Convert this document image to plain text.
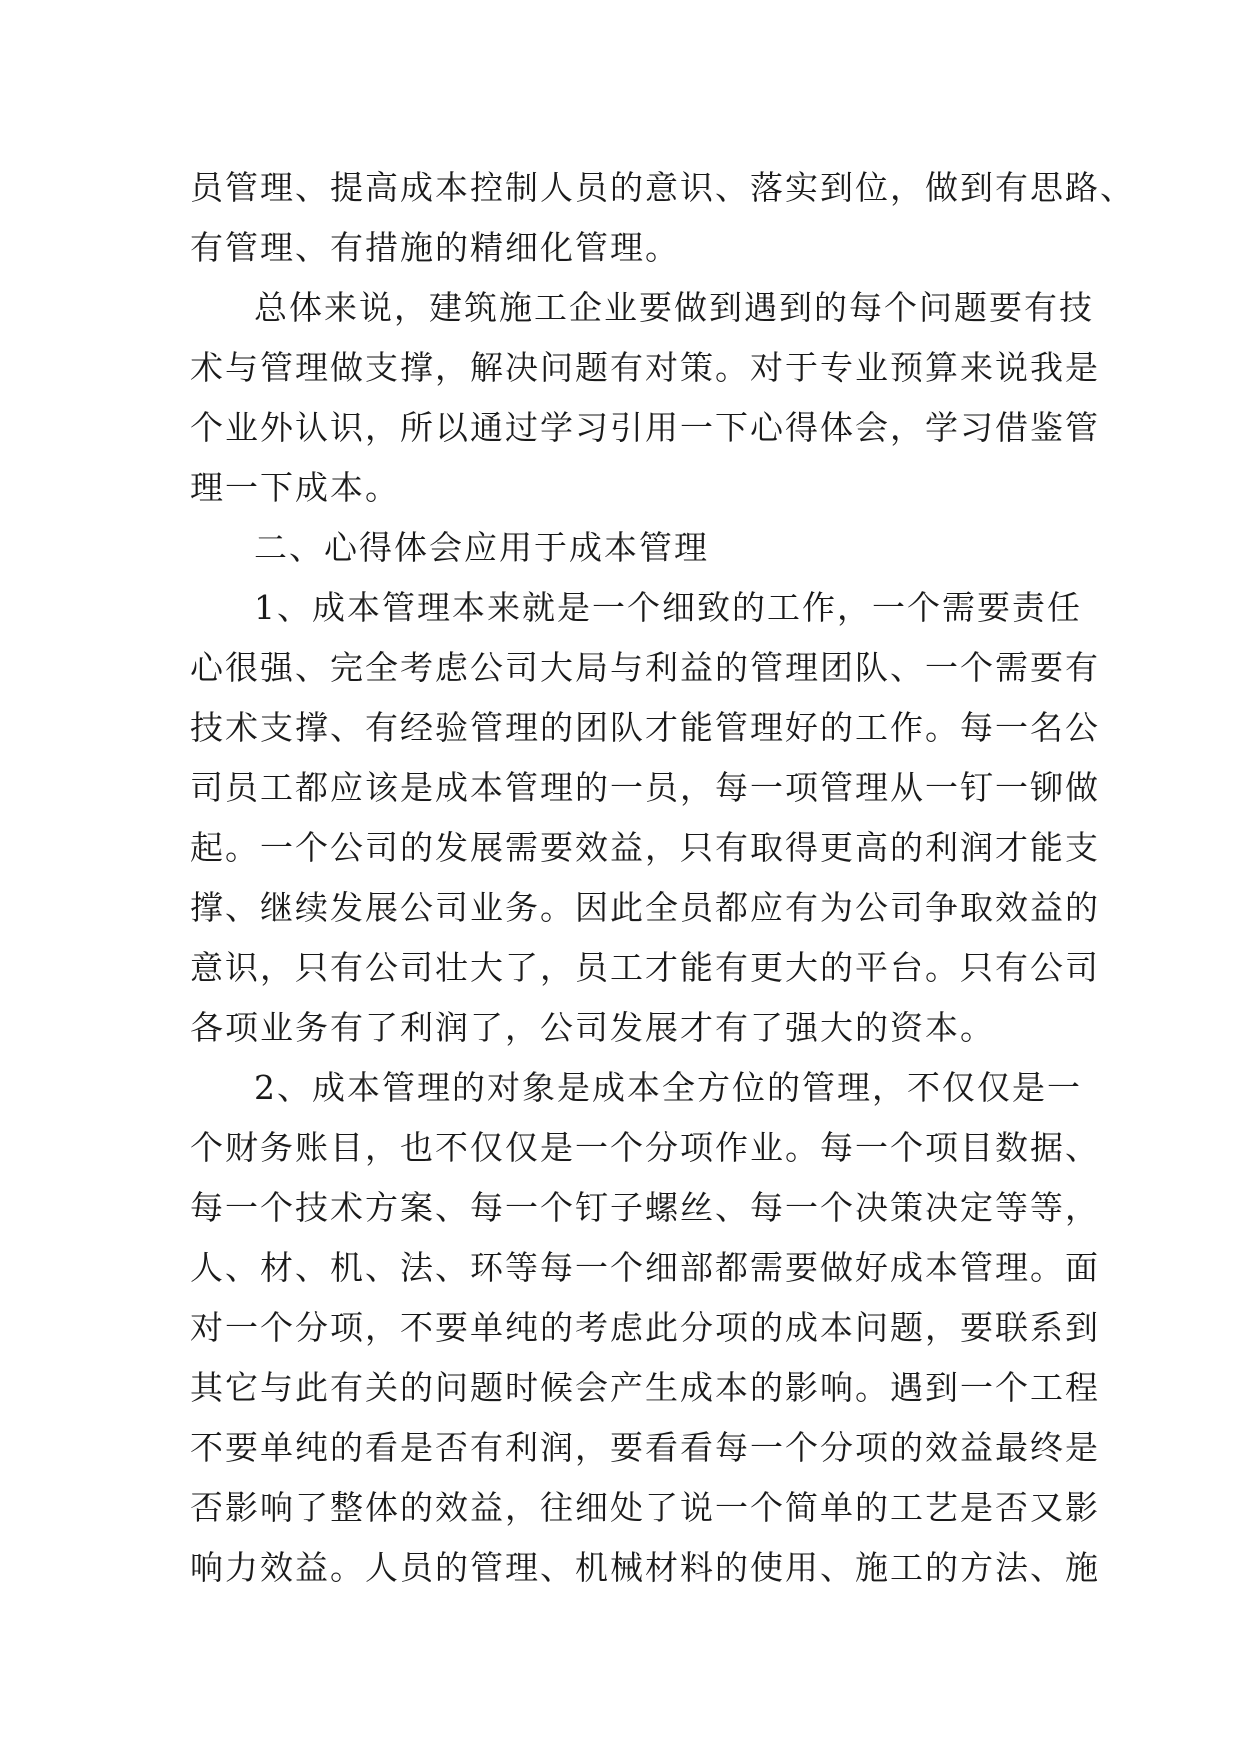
员管理、提高成本控制人员的意识、落实到位，做到有思路、
有管理、有措施的精细化管理。
总体来说，建筑施工企业要做到遇到的每个问题要有技
术与管理做支撑，解决问题有对策。对于专业预算来说我是
个业外认识，所以通过学习引用一下心得体会，学习借鉴管
理一下成本。
二、心得体会应用于成本管理
1、成本管理本来就是一个细致的工作，一个需要责任
心很强、完全考虑公司大局与利益的管理团队、一个需要有
技术支撑、有经验管理的团队才能管理好的工作。每一名公
司员工都应该是成本管理的一员，每一项管理从一钉一铆做
起。一个公司的发展需要效益，只有取得更高的利润才能支
撑、继续发展公司业务。因此全员都应有为公司争取效益的
意识，只有公司壮大了，员工才能有更大的平台。只有公司
各项业务有了利润了，公司发展才有了强大的资本。
2、成本管理的对象是成本全方位的管理，不仅仅是一
个财务账目，也不仅仅是一个分项作业。每一个项目数据、
每一个技术方案、每一个钉子螺丝、每一个决策决定等等，
人、材、机、法、环等每一个细部都需要做好成本管理。面
对一个分项，不要单纯的考虑此分项的成本问题，要联系到
其它与此有关的问题时候会产生成本的影响。遇到一个工程
不要单纯的看是否有利润，要看看每一个分项的效益最终是
否影响了整体的效益，往细处了说一个简单的工艺是否又影
响力效益。人员的管理、机械材料的使用、施工的方法、施
